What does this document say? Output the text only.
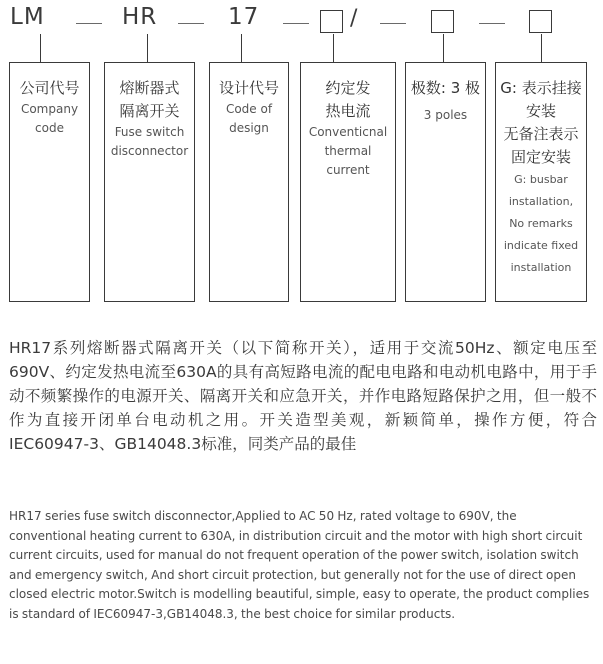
LM	HR	17	/
公司代号
Company
code
熔断器式
隔离开关
Fuse switch
disconnector
设计代号
Code of
design
约定发
热电流
Conventicnal
thermal
current
极数: 3 极
3 poles
G: 表示挂接
安装
无备注表示
固定安装
G: busbar
installation,
No remarks
indicate fixed
installation

HR17系列熔断器式隔离开关（以下简称开关），适用于交流50Hz、额定电压至690V、约定发热电流至630A的具有高短路电流的配电电路和电动机电路中，用于手动不频繁操作的电源开关、隔离开关和应急开关，并作电路短路保护之用，但一般不作为直接开闭单台电动机之用。开关造型美观，新颖简单，操作方便，符合IEC60947-3、GB14048.3标准，同类产品的最佳

HR17 series fuse switch disconnector,Applied to AC 50 Hz, rated voltage to 690V, the conventional heating current to 630A, in distribution circuit and the motor with high short circuit current circuits, used for manual do not frequent operation of the power switch, isolation switch and emergency switch, And short circuit protection, but generally not for the use of direct open closed electric motor.Switch is modelling beautiful, simple, easy to operate, the product complies is standard of IEC60947-3,GB14048.3, the best choice for similar products.
